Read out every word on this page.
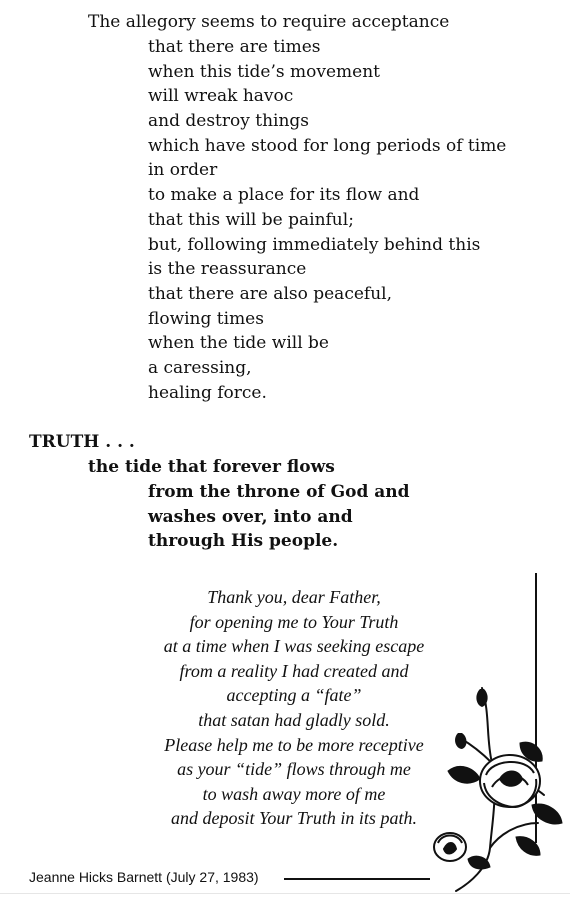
The allegory seems to require acceptance
that there are times
when this tide’s movement
will wreak havoc
and destroy things
which have stood for long periods of time
in order
to make a place for its flow and
that this will be painful;
but, following immediately behind this
is the reassurance
that there are also peaceful,
flowing times
when the tide will be
a caressing,
healing force.
TRUTH . . .
the tide that forever flows
from the throne of God and
washes over, into and
through His people.
Thank you, dear Father,
for opening me to Your Truth
at a time when I was seeking escape
from a reality I had created and
accepting a “fate”
that satan had gladly sold.
Please help me to be more receptive
as your “tide” flows through me
to wash away more of me
and deposit Your Truth in its path.
Jeanne Hicks Barnett (July 27, 1983)
